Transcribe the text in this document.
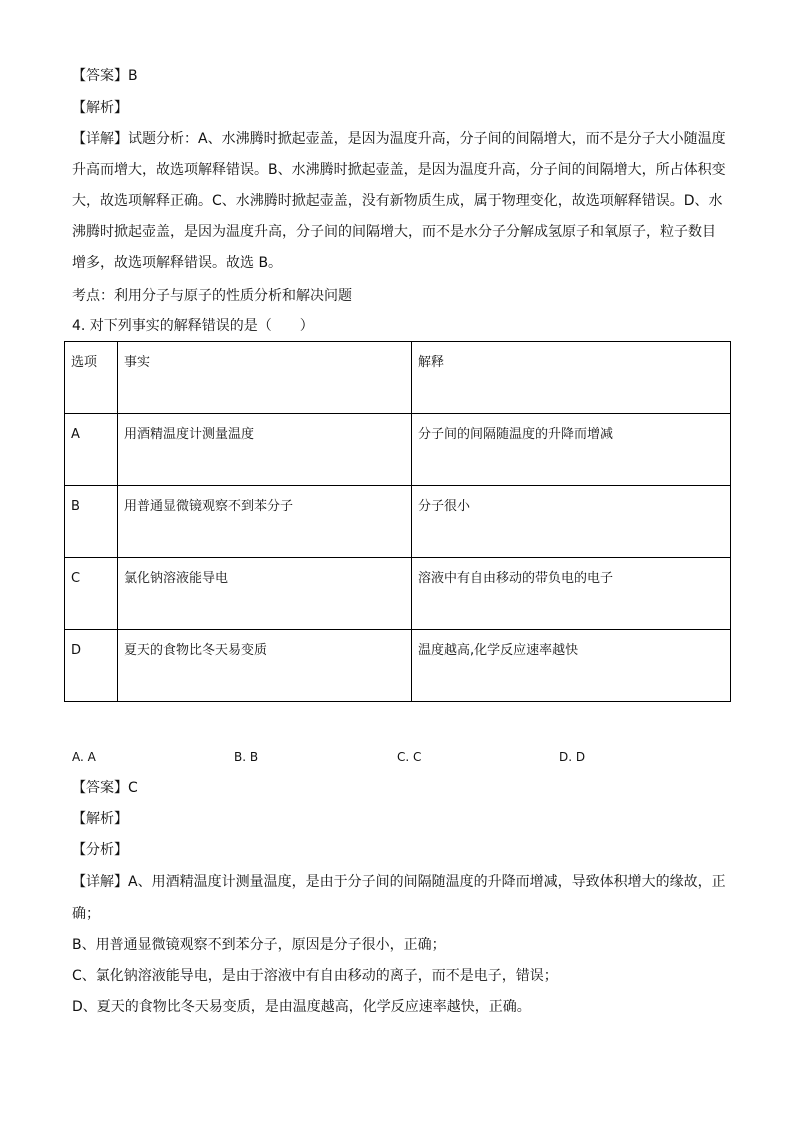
【答案】B
【解析】
【详解】试题分析：A、水沸腾时掀起壶盖，是因为温度升高，分子间的间隔增大，而不是分子大小随温度
升高而增大，故选项解释错误。B、水沸腾时掀起壶盖，是因为温度升高，分子间的间隔增大，所占体积变
大，故选项解释正确。C、水沸腾时掀起壶盖，没有新物质生成，属于物理变化，故选项解释错误。D、水
沸腾时掀起壶盖，是因为温度升高，分子间的间隔增大，而不是水分子分解成氢原子和氧原子，粒子数目
增多，故选项解释错误。故选 B。
考点：利用分子与原子的性质分析和解决问题
4. 对下列事实的解释错误的是（　　）
选项	事实	解释
A	用酒精温度计测量温度	分子间的间隔随温度的升降而增减
B	用普通显微镜观察不到苯分子	分子很小
C	氯化钠溶液能导电	溶液中有自由移动的带负电的电子
D	夏天的食物比冬天易变质	温度越高,化学反应速率越快
A. A	B. B	C. C	D. D
【答案】C
【解析】
【分析】
【详解】A、用酒精温度计测量温度，是由于分子间的间隔随温度的升降而增减，导致体积增大的缘故，正
确；
B、用普通显微镜观察不到苯分子，原因是分子很小，正确；
C、氯化钠溶液能导电，是由于溶液中有自由移动的离子，而不是电子，错误；
D、夏天的食物比冬天易变质，是由温度越高，化学反应速率越快，正确。
